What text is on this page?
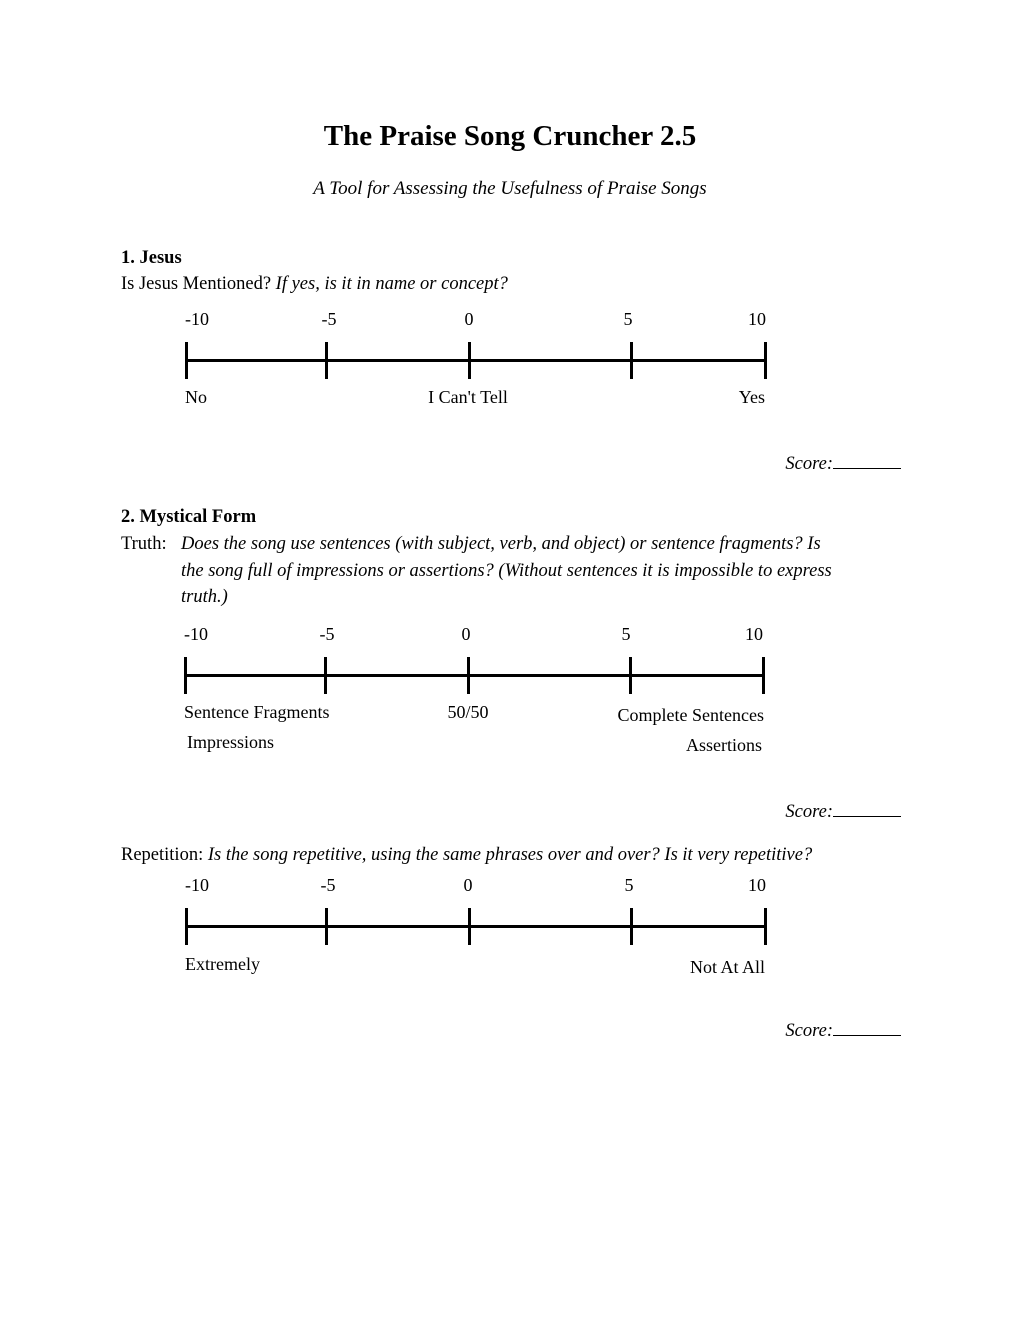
The Praise Song Cruncher 2.5
A Tool for Assessing the Usefulness of Praise Songs
1. Jesus
Is Jesus Mentioned? If yes, is it in name or concept?
-10	-5	0	5	10
No	I Can't Tell	Yes
Score:
2. Mystical Form
Truth: Does the song use sentences (with subject, verb, and object) or sentence fragments? Is
the song full of impressions or assertions? (Without sentences it is impossible to express
truth.)
-10	-5	0	5	10
Sentence Fragments
Impressions
50/50	Complete Sentences
Assertions
Score:
Repetition: Is the song repetitive, using the same phrases over and over? Is it very repetitive?
-10	-5	0	5	10
Extremely	Not At All
Score:
